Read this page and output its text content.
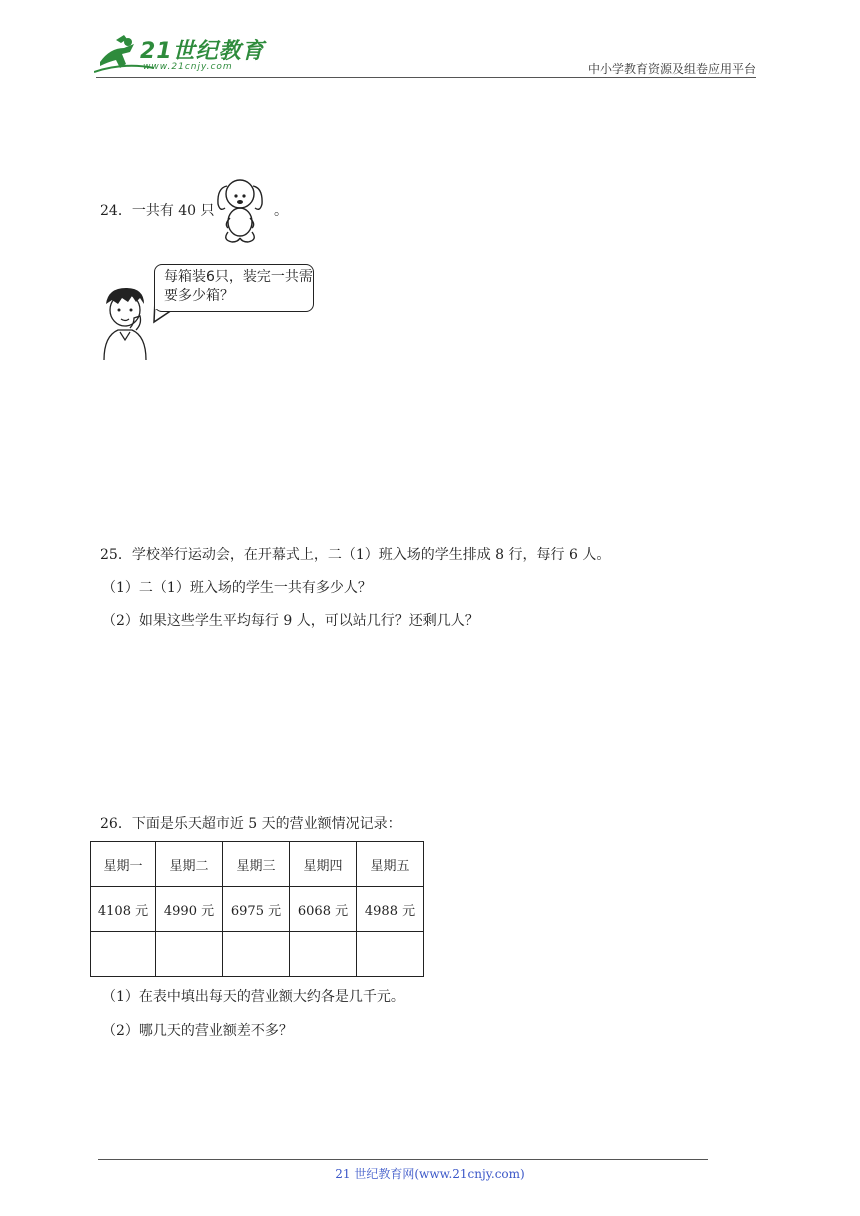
21世纪教育
www.21cnjy.com	中小学教育资源及组卷应用平台
24．一共有 40 只	。
每箱装6只，装完一共需要多少箱？
25．学校举行运动会，在开幕式上，二（1）班入场的学生排成 8 行，每行 6 人。
（1）二（1）班入场的学生一共有多少人？
（2）如果这些学生平均每行 9 人，可以站几行？还剩几人？
26．下面是乐天超市近 5 天的营业额情况记录：
星期一	星期二	星期三	星期四	星期五
4108 元	4990 元	6975 元	6068 元	4988 元

（1）在表中填出每天的营业额大约各是几千元。
（2）哪几天的营业额差不多？
21 世纪教育网(www.21cnjy.com)
